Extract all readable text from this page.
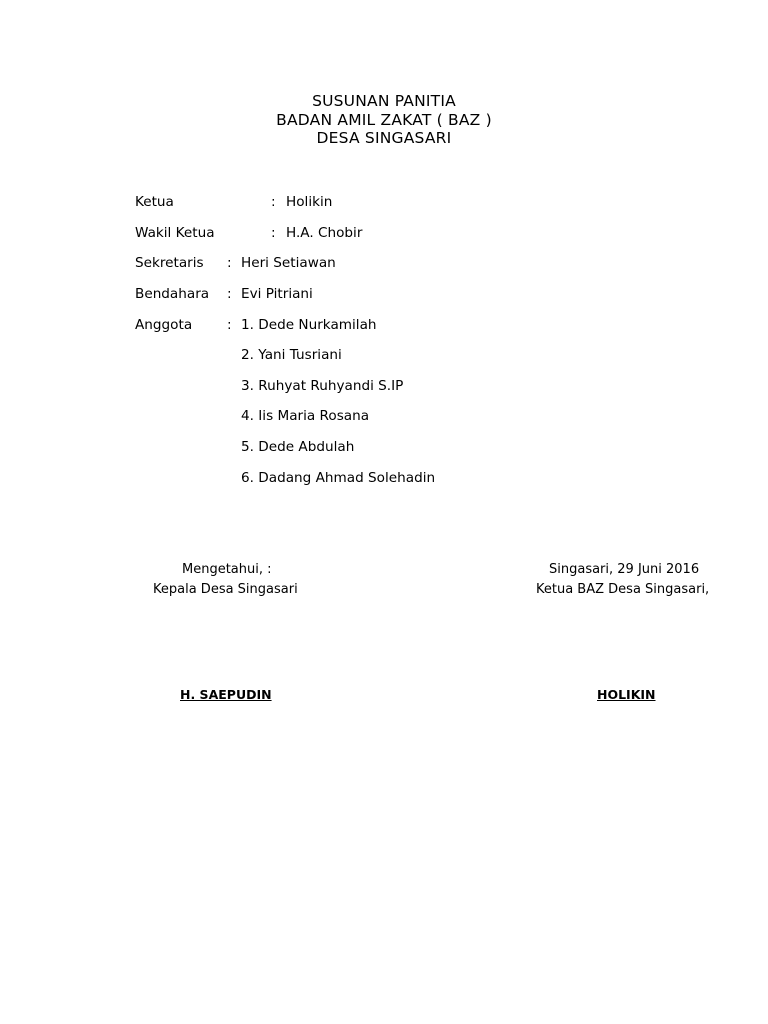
SUSUNAN PANITIA
BADAN AMIL ZAKAT ( BAZ )
DESA SINGASARI
Ketua	: Holikin
Wakil Ketua	: H.A. Chobir
Sekretaris : Heri Setiawan
Bendahara : Evi Pitriani
Anggota	: 1. Dede Nurkamilah
2. Yani Tusriani
3. Ruhyat Ruhyandi S.IP
4. Iis Maria Rosana
5. Dede Abdulah
6. Dadang Ahmad Solehadin
Mengetahui, :
Kepala Desa Singasari
H. SAEPUDIN
Singasari, 29 Juni 2016
Ketua BAZ Desa Singasari,
HOLIKIN
